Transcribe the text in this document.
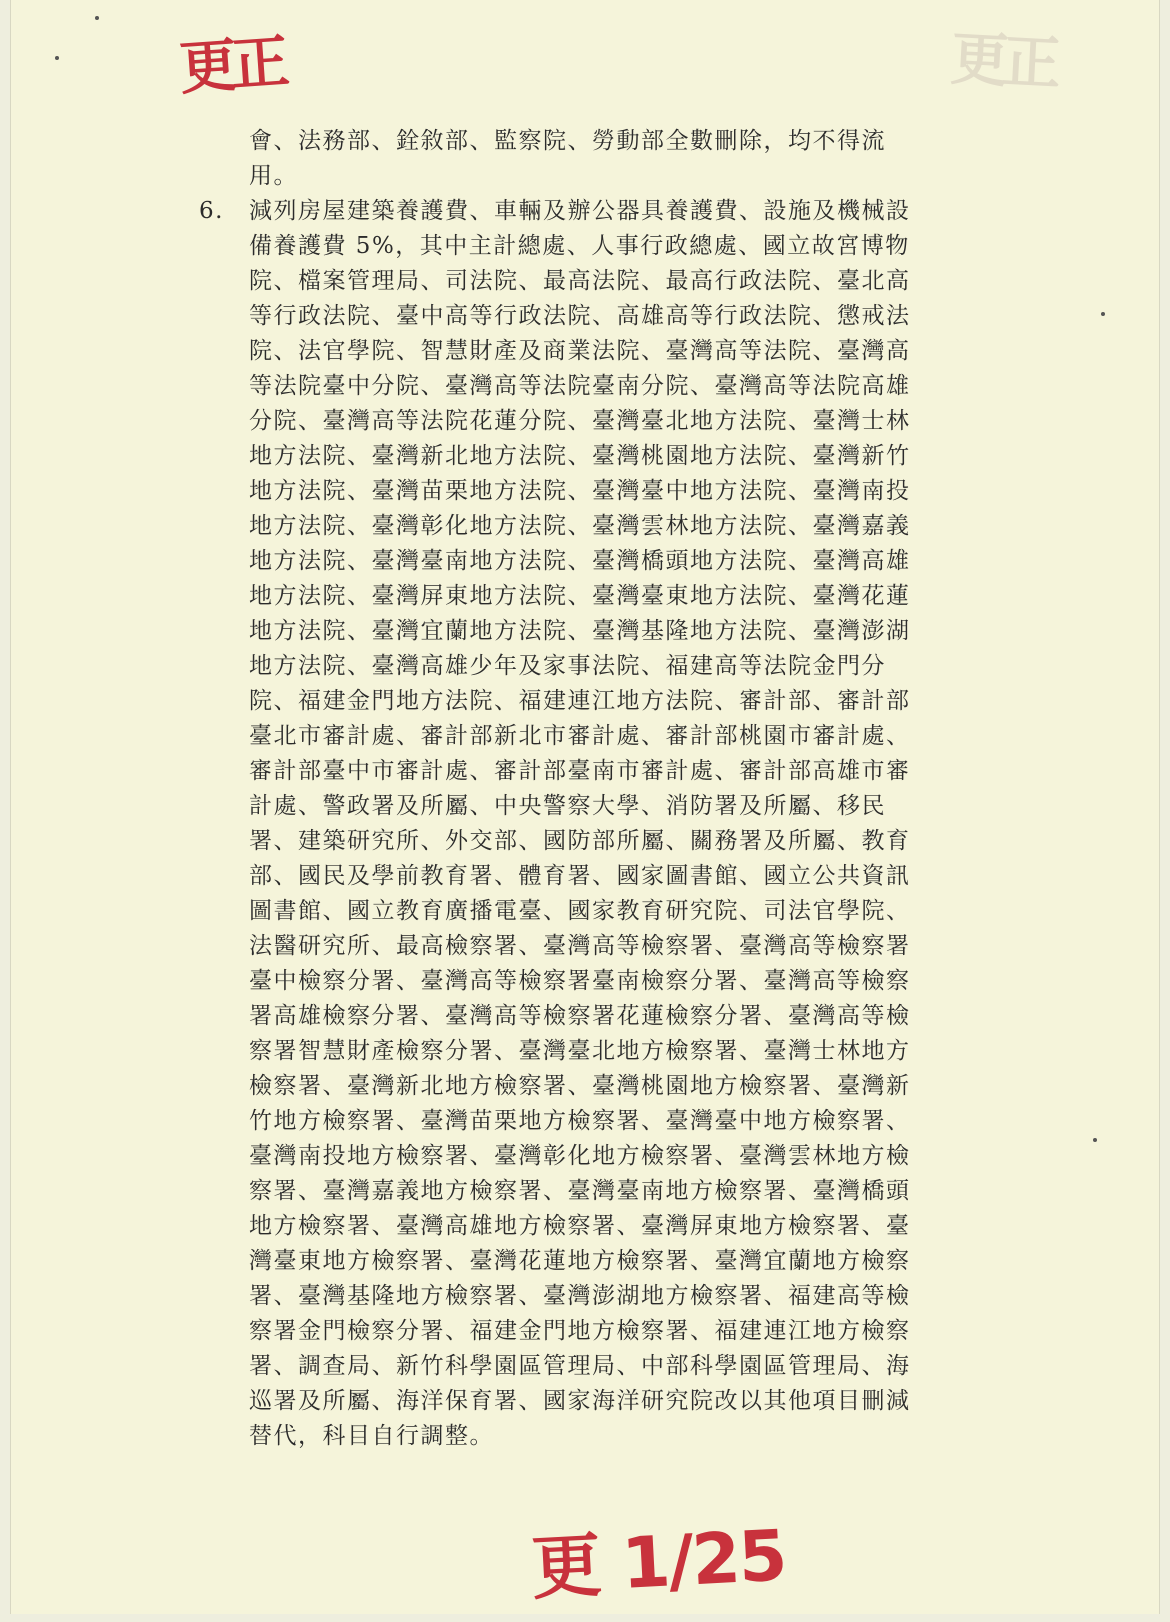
更正	更正
會、法務部、銓敘部、監察院、勞動部全數刪除，均不得流
用。
6.	減列房屋建築養護費、車輛及辦公器具養護費、設施及機械設
備養護費 5%，其中主計總處、人事行政總處、國立故宮博物
院、檔案管理局、司法院、最高法院、最高行政法院、臺北高
等行政法院、臺中高等行政法院、高雄高等行政法院、懲戒法
院、法官學院、智慧財產及商業法院、臺灣高等法院、臺灣高
等法院臺中分院、臺灣高等法院臺南分院、臺灣高等法院高雄
分院、臺灣高等法院花蓮分院、臺灣臺北地方法院、臺灣士林
地方法院、臺灣新北地方法院、臺灣桃園地方法院、臺灣新竹
地方法院、臺灣苗栗地方法院、臺灣臺中地方法院、臺灣南投
地方法院、臺灣彰化地方法院、臺灣雲林地方法院、臺灣嘉義
地方法院、臺灣臺南地方法院、臺灣橋頭地方法院、臺灣高雄
地方法院、臺灣屏東地方法院、臺灣臺東地方法院、臺灣花蓮
地方法院、臺灣宜蘭地方法院、臺灣基隆地方法院、臺灣澎湖
地方法院、臺灣高雄少年及家事法院、福建高等法院金門分
院、福建金門地方法院、福建連江地方法院、審計部、審計部
臺北市審計處、審計部新北市審計處、審計部桃園市審計處、
審計部臺中市審計處、審計部臺南市審計處、審計部高雄市審
計處、警政署及所屬、中央警察大學、消防署及所屬、移民
署、建築研究所、外交部、國防部所屬、關務署及所屬、教育
部、國民及學前教育署、體育署、國家圖書館、國立公共資訊
圖書館、國立教育廣播電臺、國家教育研究院、司法官學院、
法醫研究所、最高檢察署、臺灣高等檢察署、臺灣高等檢察署
臺中檢察分署、臺灣高等檢察署臺南檢察分署、臺灣高等檢察
署高雄檢察分署、臺灣高等檢察署花蓮檢察分署、臺灣高等檢
察署智慧財產檢察分署、臺灣臺北地方檢察署、臺灣士林地方
檢察署、臺灣新北地方檢察署、臺灣桃園地方檢察署、臺灣新
竹地方檢察署、臺灣苗栗地方檢察署、臺灣臺中地方檢察署、
臺灣南投地方檢察署、臺灣彰化地方檢察署、臺灣雲林地方檢
察署、臺灣嘉義地方檢察署、臺灣臺南地方檢察署、臺灣橋頭
地方檢察署、臺灣高雄地方檢察署、臺灣屏東地方檢察署、臺
灣臺東地方檢察署、臺灣花蓮地方檢察署、臺灣宜蘭地方檢察
署、臺灣基隆地方檢察署、臺灣澎湖地方檢察署、福建高等檢
察署金門檢察分署、福建金門地方檢察署、福建連江地方檢察
署、調查局、新竹科學園區管理局、中部科學園區管理局、海
巡署及所屬、海洋保育署、國家海洋研究院改以其他項目刪減
替代，科目自行調整。
更 1/25
